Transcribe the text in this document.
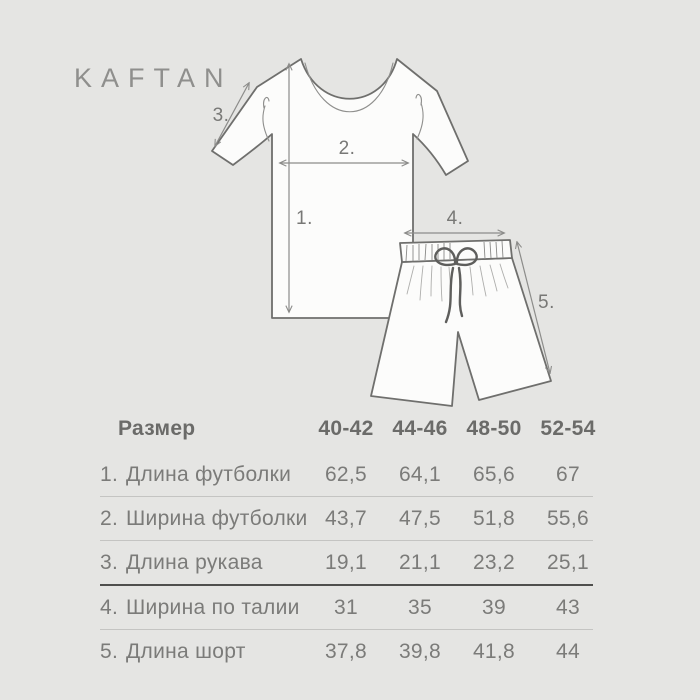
KAFTAN
1.
2.
3.
4.
5.
Размер	40-42 44-46 48-50 52-54
1. Длина футболки	62,5	64,1	65,6	67
2. Ширина футболки 43,7	47,5	51,8	55,6
3. Длина рукава	19,1	21,1	23,2	25,1
4. Ширина по талии	31	35	39	43
5. Длина шорт	37,8	39,8	41,8	44
